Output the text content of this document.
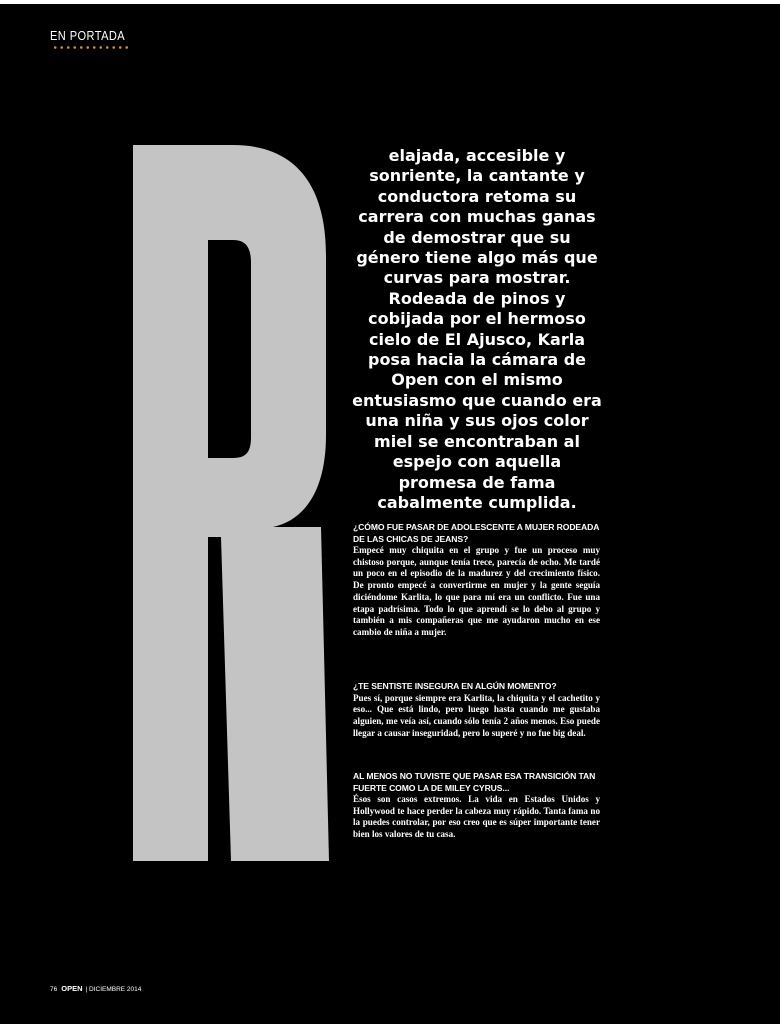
EN PORTADA

elajada, accesible y sonriente, la cantante y conductora retoma su carrera con muchas ganas de demostrar que su género tiene algo más que curvas para mostrar. Rodeada de pinos y cobijada por el hermoso cielo de El Ajusco, Karla posa hacia la cámara de Open con el mismo entusiasmo que cuando era una niña y sus ojos color miel se encontraban al espejo con aquella promesa de fama cabalmente cumplida.

¿CÓMO FUE PASAR DE ADOLESCENTE A MUJER RODEADA DE LAS CHICAS DE JEANS?

Empecé muy chiquita en el grupo y fue un proceso muy chistoso porque, aunque tenía trece, parecía de ocho. Me tardé un poco en el episodio de la madurez y del crecimiento físico. De pronto empecé a convertirme en mujer y la gente seguía diciéndome Karlita, lo que para mí era un conflicto. Fue una etapa padrísima. Todo lo que aprendí se lo debo al grupo y también a mis compañeras que me ayudaron mucho en ese cambio de niña a mujer.

¿TE SENTISTE INSEGURA EN ALGÚN MOMENTO?

Pues sí, porque siempre era Karlita, la chiquita y el cachetito y eso... Que está lindo, pero luego hasta cuando me gustaba alguien, me veía así, cuando sólo tenía 2 años menos. Eso puede llegar a causar inseguridad, pero lo superé y no fue big deal.

AL MENOS NO TUVISTE QUE PASAR ESA TRANSICIÓN TAN FUERTE COMO LA DE MILEY CYRUS...

Ésos son casos extremos. La vida en Estados Unidos y Hollywood te hace perder la cabeza muy rápido. Tanta fama no la puedes controlar, por eso creo que es súper importante tener bien los valores de tu casa.

76 OPEN | DICIEMBRE 2014
